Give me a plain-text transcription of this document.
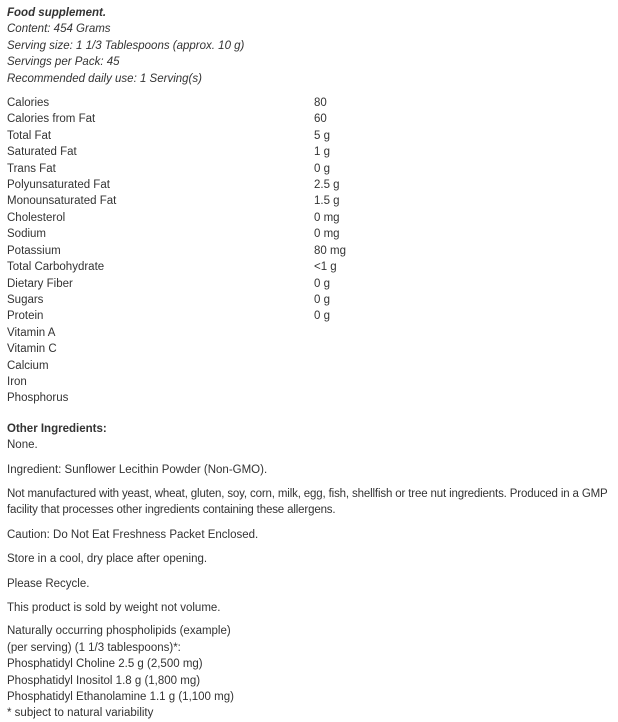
Food supplement.
Content: 454 Grams
Serving size: 1 1/3 Tablespoons (approx. 10 g)
Servings per Pack: 45
Recommended daily use: 1 Serving(s)
Calories	80
Calories from Fat	60
Total Fat	5 g
Saturated Fat	1 g
Trans Fat	0 g
Polyunsaturated Fat	2.5 g
Monounsaturated Fat	1.5 g
Cholesterol	0 mg
Sodium	0 mg
Potassium	80 mg
Total Carbohydrate	<1 g
Dietary Fiber	0 g
Sugars	0 g
Protein	0 g
Vitamin A
Vitamin C
Calcium
Iron
Phosphorus
Other Ingredients:
None.
Ingredient: Sunflower Lecithin Powder (Non-GMO).
Not manufactured with yeast, wheat, gluten, soy, corn, milk, egg, fish, shellfish or tree nut ingredients. Produced in a GMP facility that processes other ingredients containing these allergens.
Caution: Do Not Eat Freshness Packet Enclosed.
Store in a cool, dry place after opening.
Please Recycle.
This product is sold by weight not volume.
Naturally occurring phospholipids (example)
(per serving) (1 1/3 tablespoons)*:
Phosphatidyl Choline 2.5 g (2,500 mg)
Phosphatidyl Inositol 1.8 g (1,800 mg)
Phosphatidyl Ethanolamine 1.1 g (1,100 mg)
* subject to natural variability
